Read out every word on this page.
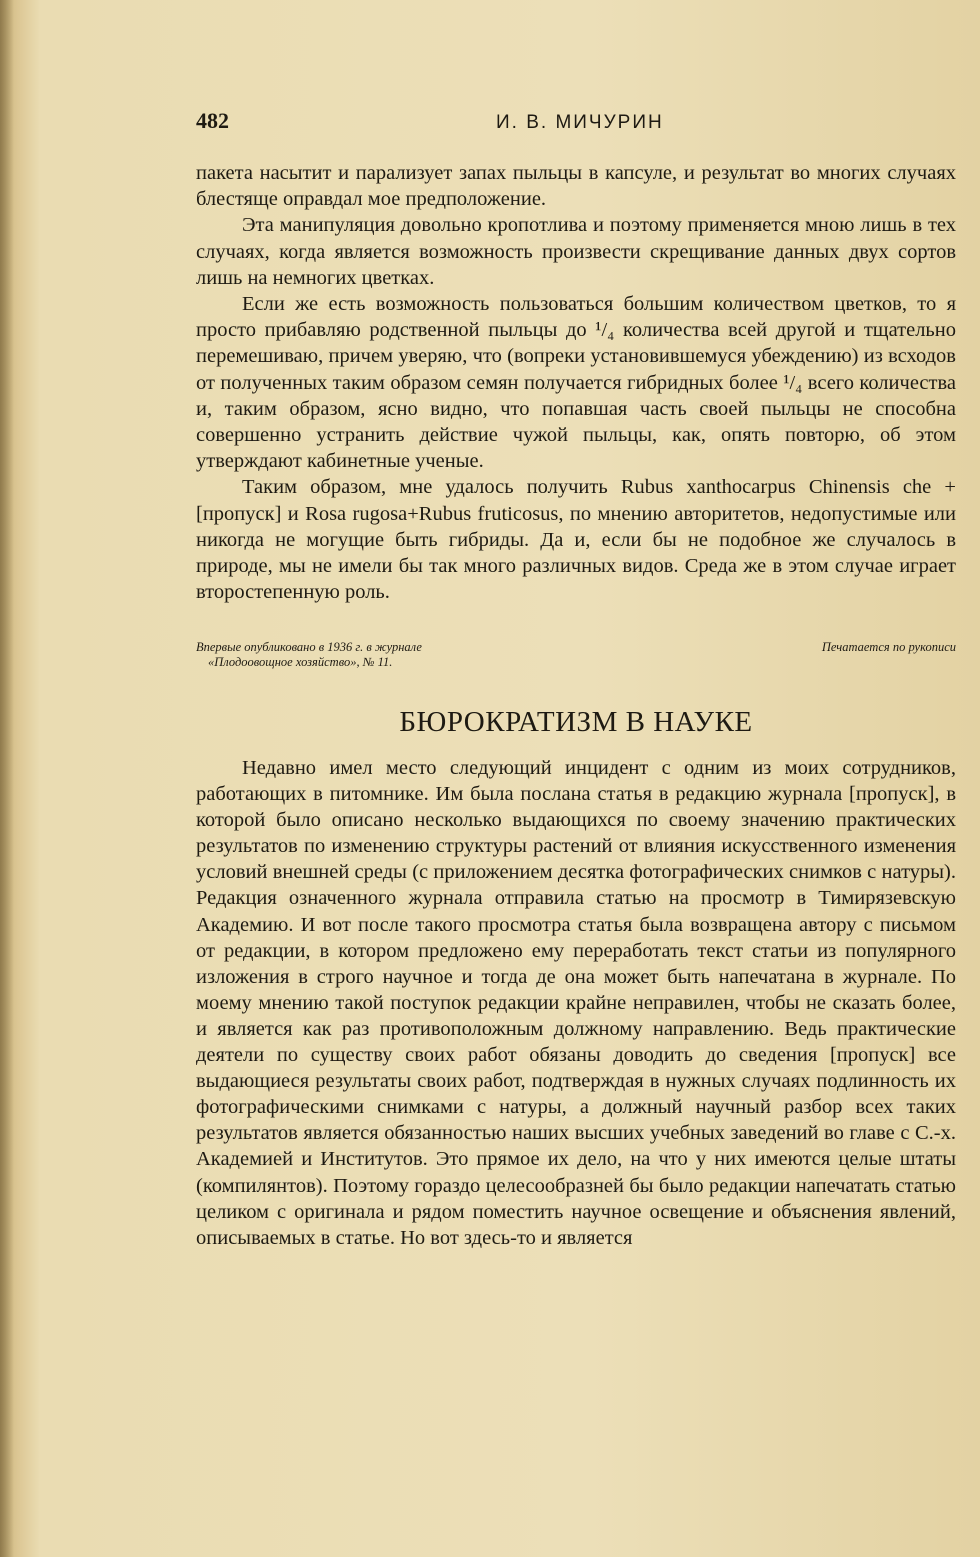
482	И. В. МИЧУРИН

пакета насытит и парализует запах пыльцы в капсуле, и результат во многих случаях блестяще оправдал мое предположение.

Эта манипуляция довольно кропотлива и поэтому применяется мною лишь в тех случаях, когда является возможность произвести скрещивание данных двух сортов лишь на немногих цветках.

Если же есть возможность пользоваться большим количеством цветков, то я просто прибавляю родственной пыльцы до ¹/₄ количества всей другой и тщательно перемешиваю, причем уверяю, что (вопреки установившемуся убеждению) из всходов от полученных таким образом семян получается гибридных более ¹/₄ всего количества и, таким образом, ясно видно, что попавшая часть своей пыльцы не способна совершенно устранить действие чужой пыльцы, как, опять повторю, об этом утверждают кабинетные ученые.

Таким образом, мне удалось получить Rubus xanthocarpus Chinensis che +[пропуск] и Rosa rugosa+Rubus fruticosus, по мнению авторитетов, недопустимые или никогда не могущие быть гибриды. Да и, если бы не подобное же случалось в природе, мы не имели бы так много различных видов. Среда же в этом случае играет второстепенную роль.

Впервые опубликовано в 1936 г. в журнале
«Плодоовощное хозяйство», № 11.
Печатается по рукописи
БЮРОКРАТИЗМ В НАУКЕ

Недавно имел место следующий инцидент с одним из моих сотрудников, работающих в питомнике. Им была послана статья в редакцию журнала [пропуск], в которой было описано несколько выдающихся по своему значению практических результатов по изменению структуры растений от влияния искусственного изменения условий внешней среды (с приложением десятка фотографических снимков с натуры). Редакция означенного журнала отправила статью на просмотр в Тимирязевскую Академию. И вот после такого просмотра статья была возвращена автору с письмом от редакции, в котором предложено ему переработать текст статьи из популярного изложения в строго научное и тогда де она может быть напечатана в журнале. По моему мнению такой поступок редакции крайне неправилен, чтобы не сказать более, и является как раз противоположным должному направлению. Ведь практические деятели по существу своих работ обязаны доводить до сведения [пропуск] все выдающиеся результаты своих работ, подтверждая в нужных случаях подлинность их фотографическими снимками с натуры, а должный научный разбор всех таких результатов является обязанностью наших высших учебных заведений во главе с С.-х. Академией и Институтов. Это прямое их дело, на что у них имеются целые штаты (компилянтов). Поэтому гораздо целесообразней бы было редакции напечатать статью целиком с оригинала и рядом поместить научное освещение и объяснения явлений, описываемых в статье. Но вот здесь-то и является
